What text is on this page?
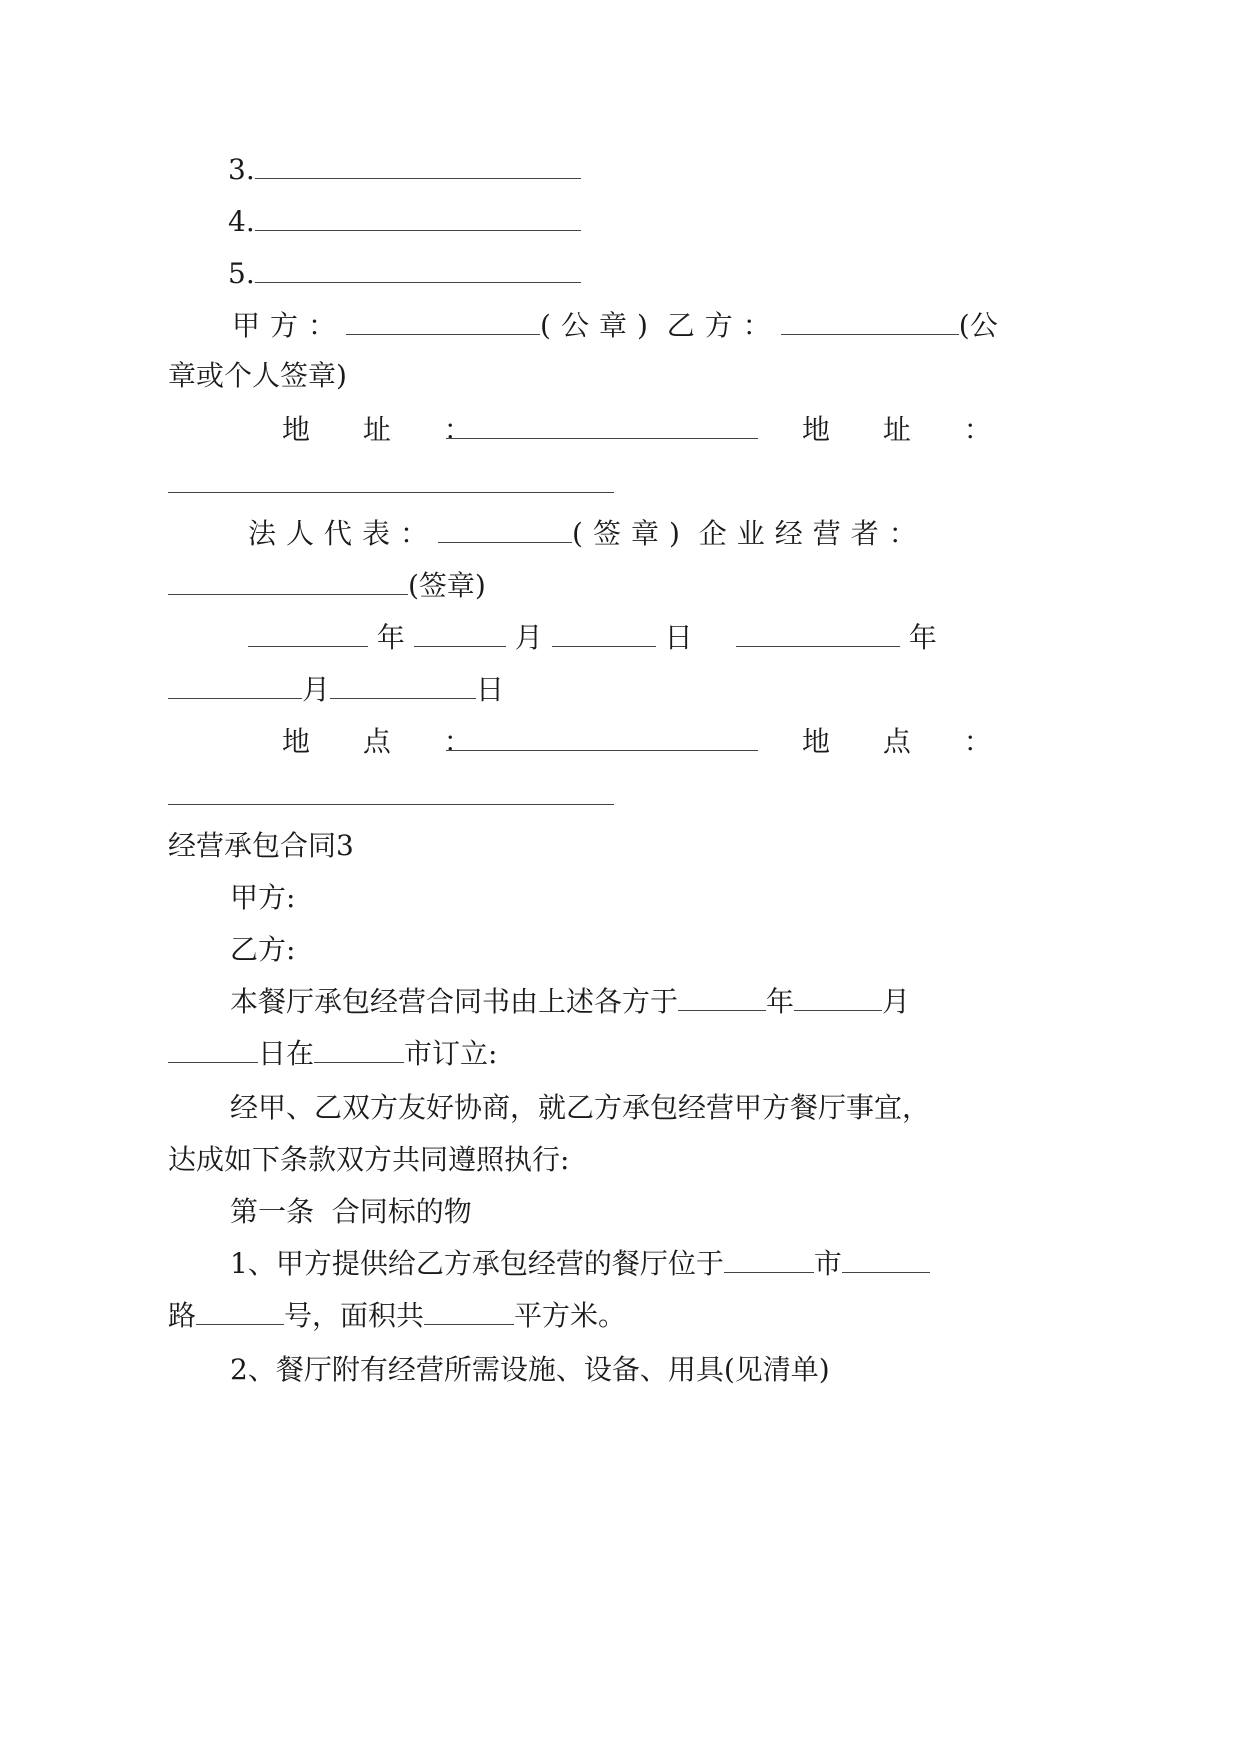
3.
4.
5.
甲方：	(公章) 乙方：	(公
章或个人签章)
地 址 ：	地 址 ：
法人代表：	(签章) 企业经营者：
(签章)
年	月	日	年
月	日
地 点 ：	地 点 ：
经营承包合同3
甲方:
乙方:
本餐厅承包经营合同书由上述各方于	年	月
日在	市订立:
经甲、乙双方友好协商，就乙方承包经营甲方餐厅事宜，
达成如下条款双方共同遵照执行:
第一条  合同标的物
1、甲方提供给乙方承包经营的餐厅位于	市
路	号，面积共	平方米。
2、餐厅附有经营所需设施、设备、用具(见清单)
